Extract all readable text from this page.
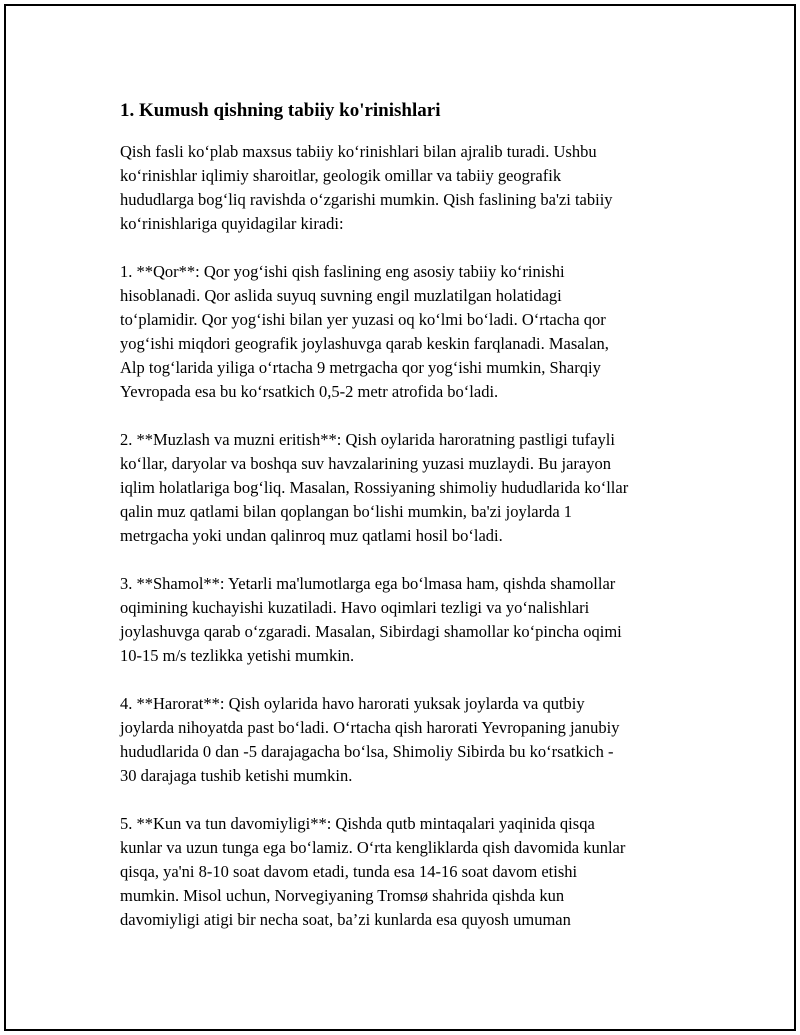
1. Kumush qishning tabiiy ko'rinishlari
Qish fasli ko‘plab maxsus tabiiy ko‘rinishlari bilan ajralib turadi. Ushbu
ko‘rinishlar iqlimiy sharoitlar, geologik omillar va tabiiy geografik
hududlarga bog‘liq ravishda o‘zgarishi mumkin. Qish faslining ba'zi tabiiy
ko‘rinishlariga quyidagilar kiradi:
1. **Qor**: Qor yog‘ishi qish faslining eng asosiy tabiiy ko‘rinishi
hisoblanadi. Qor aslida suyuq suvning engil muzlatilgan holatidagi
to‘plamidir. Qor yog‘ishi bilan yer yuzasi oq ko‘lmi bo‘ladi. O‘rtacha qor
yog‘ishi miqdori geografik joylashuvga qarab keskin farqlanadi. Masalan,
Alp tog‘larida yiliga o‘rtacha 9 metrgacha qor yog‘ishi mumkin, Sharqiy
Yevropada esa bu ko‘rsatkich 0,5-2 metr atrofida bo‘ladi.
2. **Muzlash va muzni eritish**: Qish oylarida haroratning pastligi tufayli
ko‘llar, daryolar va boshqa suv havzalarining yuzasi muzlaydi. Bu jarayon
iqlim holatlariga bog‘liq. Masalan, Rossiyaning shimoliy hududlarida ko‘llar
qalin muz qatlami bilan qoplangan bo‘lishi mumkin, ba'zi joylarda 1
metrgacha yoki undan qalinroq muz qatlami hosil bo‘ladi.
3. **Shamol**: Yetarli ma'lumotlarga ega bo‘lmasa ham, qishda shamollar
oqimining kuchayishi kuzatiladi. Havo oqimlari tezligi va yo‘nalishlari
joylashuvga qarab o‘zgaradi. Masalan, Sibirdagi shamollar ko‘pincha oqimi
10-15 m/s tezlikka yetishi mumkin.
4. **Harorat**: Qish oylarida havo harorati yuksak joylarda va qutbiy
joylarda nihoyatda past bo‘ladi. O‘rtacha qish harorati Yevropaning janubiy
hududlarida 0 dan -5 darajagacha bo‘lsa, Shimoliy Sibirda bu ko‘rsatkich -
30 darajaga tushib ketishi mumkin.
5. **Kun va tun davomiyligi**: Qishda qutb mintaqalari yaqinida qisqa
kunlar va uzun tunga ega bo‘lamiz. O‘rta kengliklarda qish davomida kunlar
qisqa, ya'ni 8-10 soat davom etadi, tunda esa 14-16 soat davom etishi
mumkin. Misol uchun, Norvegiyaning Tromsø shahrida qishda kun
davomiyligi atigi bir necha soat, ba’zi kunlarda esa quyosh umuman
